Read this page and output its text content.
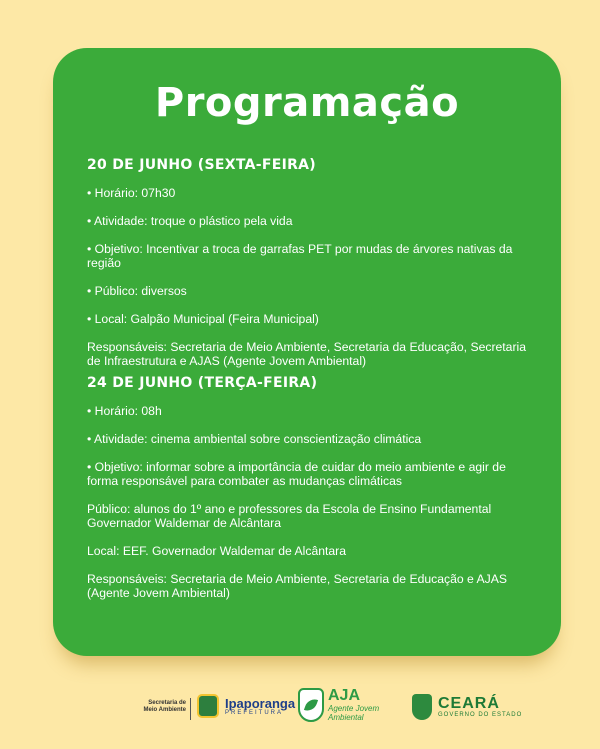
Programação
20 DE JUNHO (SEXTA-FEIRA)
• Horário: 07h30
• Atividade: troque o plástico pela vida
• Objetivo: Incentivar a troca de garrafas PET por mudas de árvores nativas da região
• Público: diversos
• Local: Galpão Municipal (Feira Municipal)
Responsáveis: Secretaria de Meio Ambiente, Secretaria da Educação, Secretaria de Infraestrutura e AJAS (Agente Jovem Ambiental)
24 DE JUNHO (TERÇA-FEIRA)
• Horário: 08h
• Atividade: cinema ambiental sobre conscientização climática
• Objetivo: informar sobre a importância de cuidar do meio ambiente e agir de forma responsável para combater as mudanças climáticas
Público: alunos do 1º ano e professores da Escola de Ensino Fundamental Governador Waldemar de Alcântara
Local: EEF. Governador Waldemar de Alcântara
Responsáveis: Secretaria de Meio Ambiente, Secretaria de Educação e AJAS (Agente Jovem Ambiental)
Secretaria de Meio Ambiente	Ipaporanga
PREFEITURA
AJA
Agente Jovem Ambiental
CEARÁ
GOVERNO DO ESTADO
